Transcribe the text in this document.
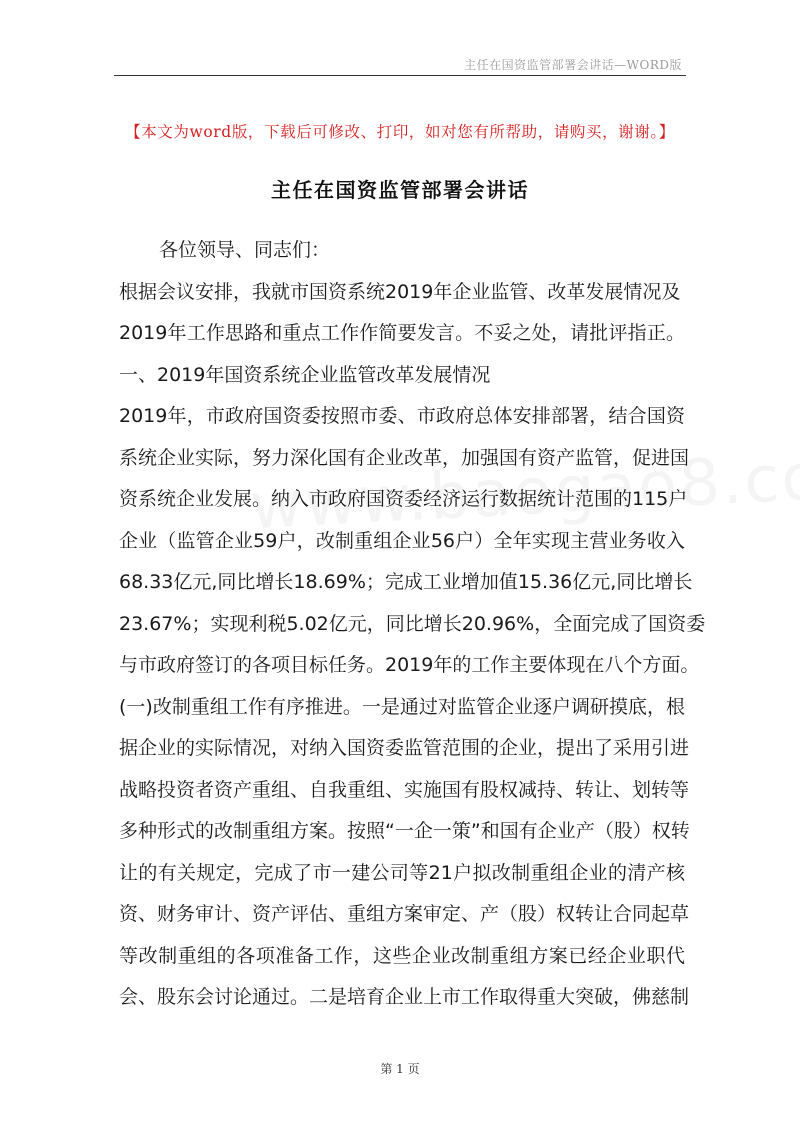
主任在国资监管部署会讲话—WORD版
【本文为word版，下载后可修改、打印，如对您有所帮助，请购买，谢谢。】
主任在国资监管部署会讲话
各位领导、同志们：
根据会议安排，我就市国资系统2019年企业监管、改革发展情况及
2019年工作思路和重点工作作简要发言。不妥之处，请批评指正。
一、2019年国资系统企业监管改革发展情况
2019年，市政府国资委按照市委、市政府总体安排部署，结合国资
系统企业实际，努力深化国有企业改革，加强国有资产监管，促进国
资系统企业发展。纳入市政府国资委经济运行数据统计范围的115户
企业（监管企业59户，改制重组企业56户）全年实现主营业务收入
68.33亿元,同比增长18.69%；完成工业增加值15.36亿元,同比增长
23.67%；实现利税5.02亿元，同比增长20.96%，全面完成了国资委
与市政府签订的各项目标任务。2019年的工作主要体现在八个方面。
(一)改制重组工作有序推进。一是通过对监管企业逐户调研摸底，根
据企业的实际情况，对纳入国资委监管范围的企业，提出了采用引进
战略投资者资产重组、自我重组、实施国有股权减持、转让、划转等
多种形式的改制重组方案。按照“一企一策”和国有企业产（股）权转
让的有关规定，完成了市一建公司等21户拟改制重组企业的清产核
资、财务审计、资产评估、重组方案审定、产（股）权转让合同起草
等改制重组的各项准备工作，这些企业改制重组方案已经企业职代
会、股东会讨论通过。二是培育企业上市工作取得重大突破，佛慈制
第 1 页
